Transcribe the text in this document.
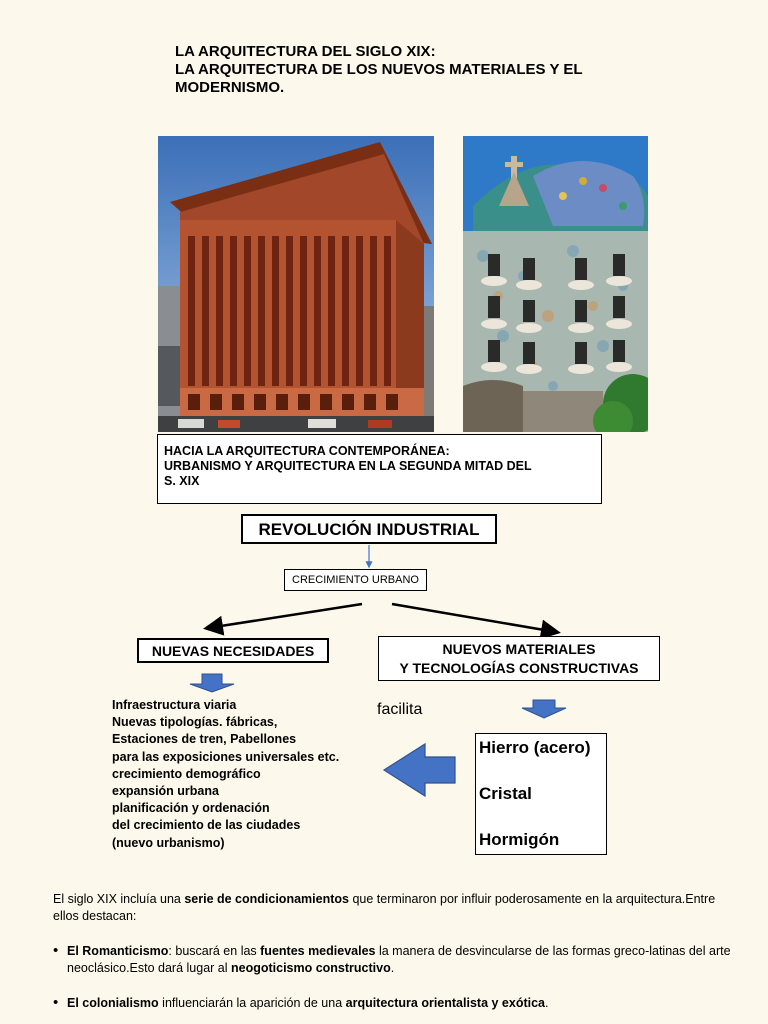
LA ARQUITECTURA DEL SIGLO XIX:
LA ARQUITECTURA DE LOS NUEVOS MATERIALES Y EL
MODERNISMO.
HACIA LA ARQUITECTURA CONTEMPORÁNEA:
URBANISMO Y ARQUITECTURA EN LA SEGUNDA MITAD DEL
S. XIX
REVOLUCIÓN INDUSTRIAL
CRECIMIENTO URBANO
NUEVAS NECESIDADES	NUEVOS MATERIALES
Y TECNOLOGÍAS CONSTRUCTIVAS
Infraestructura viaria
Nuevas tipologías. fábricas,
Estaciones de tren, Pabellones
para las exposiciones universales etc.
crecimiento demográfico
expansión urbana
planificación y ordenación
del crecimiento de las ciudades
(nuevo urbanismo)
facilita
Hierro (acero)
Cristal
Hormigón

El siglo XIX incluía una serie de condicionamientos que terminaron por influir poderosamente en la arquitectura.Entre ellos destacan:

• El Romanticismo: buscará en las fuentes medievales la manera de desvincularse de las formas greco-latinas del arte neoclásico.Esto dará lugar al neogoticismo constructivo.

• El colonialismo influenciarán la aparición de una arquitectura orientalista y exótica.
